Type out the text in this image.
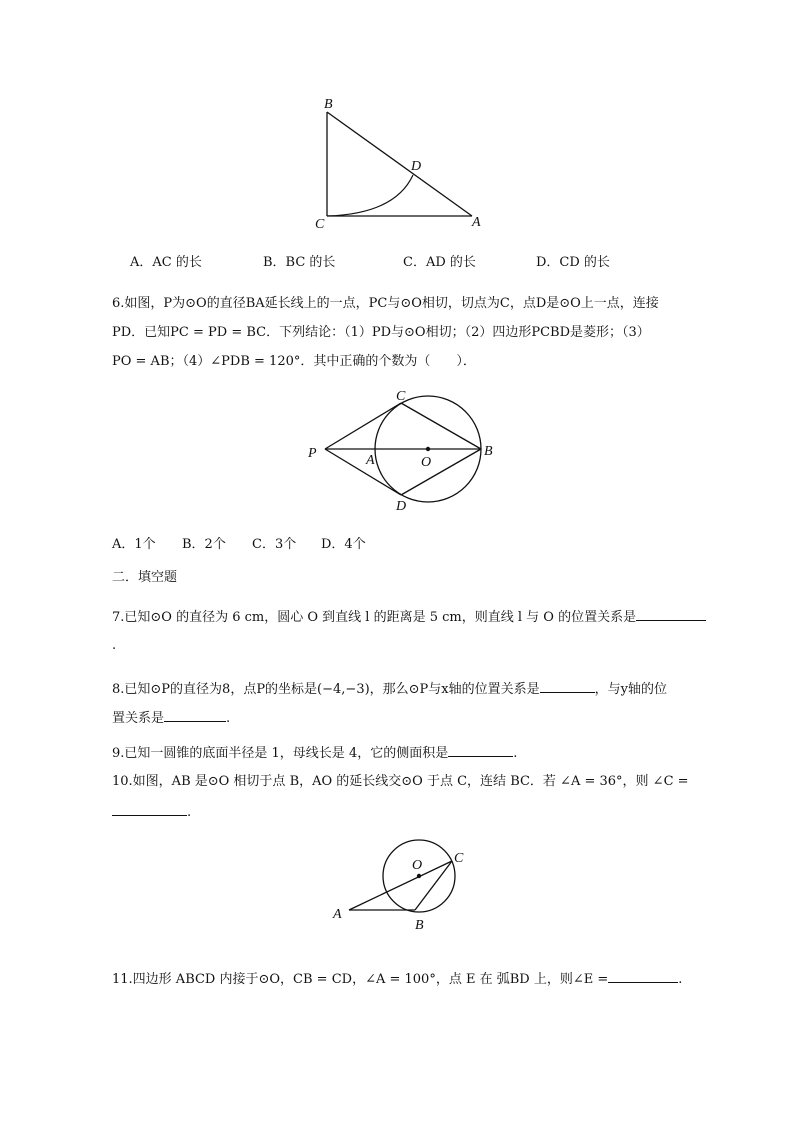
B
C	A
D
A．AC 的长	B．BC 的长	C．AD 的长	D．CD 的长
6.如图，P为⊙O的直径BA延长线上的一点，PC与⊙O相切，切点为C，点D是⊙O上一点，连接
PD．已知PC = PD = BC．下列结论：（1）PD与⊙O相切；（2）四边形PCBD是菱形；（3）
PO = AB；（4）∠PDB = 120°．其中正确的个数为（　　）．
P
C
A	O
B
D
A．1个 B．2个 C．3个 D．4个
二．填空题
7.已知⊙O 的直径为 6 cm，圆心 O 到直线 l 的距离是 5 cm，则直线 l 与 O 的位置关系是
.
8.已知⊙P的直径为8，点P的坐标是(−4,−3)，那么⊙P与x轴的位置关系是	，与y轴的位
置关系是	.
9.已知一圆锥的底面半径是 1，母线长是 4，它的侧面积是	.
10.如图，AB 是⊙O 相切于点 B，AO 的延长线交⊙O 于点 C，连结 BC．若 ∠A = 36°，则 ∠C =
.
O C
A
B
11.四边形 ABCD 内接于⊙O，CB = CD，∠A = 100°，点 E 在 弧BD 上，则∠E =	.
